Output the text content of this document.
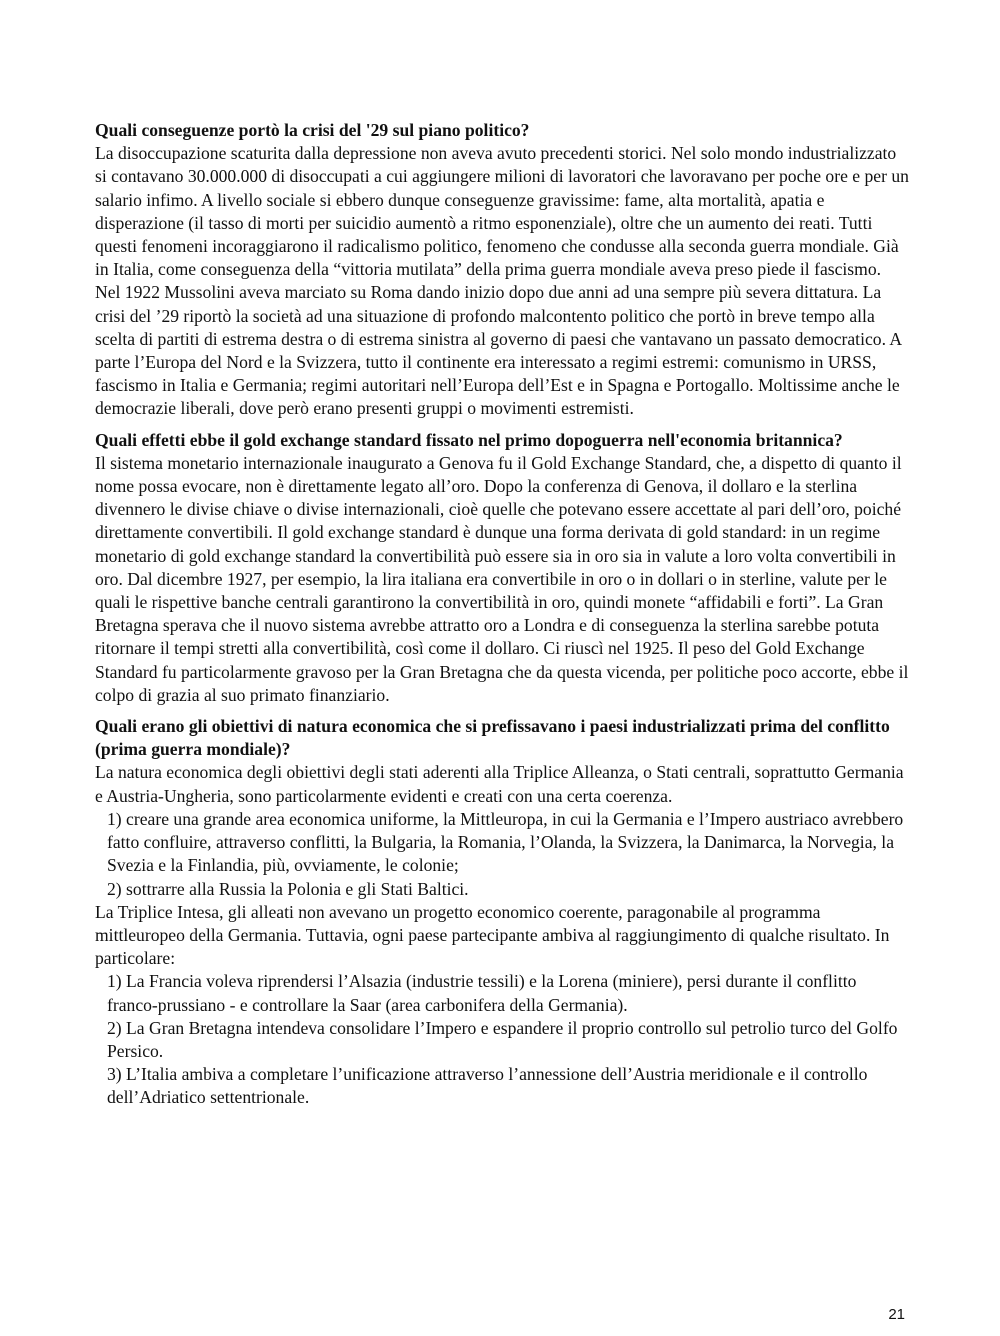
Quali conseguenze portò la crisi del '29 sul piano politico?

La disoccupazione scaturita dalla depressione non aveva avuto precedenti storici. Nel solo mondo industrializzato si contavano 30.000.000 di disoccupati a cui aggiungere milioni di lavoratori che lavoravano per poche ore e per un salario infimo. A livello sociale si ebbero dunque conseguenze gravissime: fame, alta mortalità, apatia e disperazione (il tasso di morti per suicidio aumentò a ritmo esponenziale), oltre che un aumento dei reati. Tutti questi fenomeni incoraggiarono il radicalismo politico, fenomeno che condusse alla seconda guerra mondiale. Già in Italia, come conseguenza della “vittoria mutilata” della prima guerra mondiale aveva preso piede il fascismo. Nel 1922 Mussolini aveva marciato su Roma dando inizio dopo due anni ad una sempre più severa dittatura. La crisi del ’29 riportò la società ad una situazione di profondo malcontento politico che portò in breve tempo alla scelta di partiti di estrema destra o di estrema sinistra al governo di paesi che vantavano un passato democratico. A parte l’Europa del Nord e la Svizzera, tutto il continente era interessato a regimi estremi: comunismo in URSS, fascismo in Italia e Germania; regimi autoritari nell’Europa dell’Est e in Spagna e Portogallo. Moltissime anche le democrazie liberali, dove però erano presenti gruppi o movimenti estremisti.

Quali effetti ebbe il gold exchange standard fissato nel primo dopoguerra nell'economia britannica?

Il sistema monetario internazionale inaugurato a Genova fu il Gold Exchange Standard, che, a dispetto di quanto il nome possa evocare, non è direttamente legato all’oro. Dopo la conferenza di Genova, il dollaro e la sterlina divennero le divise chiave o divise internazionali, cioè quelle che potevano essere accettate al pari dell’oro, poiché direttamente convertibili. Il gold exchange standard è dunque una forma derivata di gold standard: in un regime monetario di gold exchange standard la convertibilità può essere sia in oro sia in valute a loro volta convertibili in oro. Dal dicembre 1927, per esempio, la lira italiana era convertibile in oro o in dollari o in sterline, valute per le quali le rispettive banche centrali garantirono la convertibilità in oro, quindi monete “affidabili e forti”. La Gran Bretagna sperava che il nuovo sistema avrebbe attratto oro a Londra e di conseguenza la sterlina sarebbe potuta ritornare il tempi stretti alla convertibilità, così come il dollaro. Ci riuscì nel 1925. Il peso del Gold Exchange Standard fu particolarmente gravoso per la Gran Bretagna che da questa vicenda, per politiche poco accorte, ebbe il colpo di grazia al suo primato finanziario.

Quali erano gli obiettivi di natura economica che si prefissavano i paesi industrializzati prima del conflitto (prima guerra mondiale)?

La natura economica degli obiettivi degli stati aderenti alla Triplice Alleanza, o Stati centrali, soprattutto Germania e Austria-Ungheria, sono particolarmente evidenti e creati con una certa coerenza.

1) creare una grande area economica uniforme, la Mittleuropa, in cui la Germania e l’Impero austriaco avrebbero fatto confluire, attraverso conflitti, la Bulgaria, la Romania, l’Olanda, la Svizzera, la Danimarca, la Norvegia, la Svezia e la Finlandia, più, ovviamente, le colonie;
2) sottrarre alla Russia la Polonia e gli Stati Baltici.

La Triplice Intesa, gli alleati non avevano un progetto economico coerente, paragonabile al programma mittleuropeo della Germania. Tuttavia, ogni paese partecipante ambiva al raggiungimento di qualche risultato. In particolare:

1) La Francia voleva riprendersi l’Alsazia (industrie tessili) e la Lorena (miniere), persi durante il conflitto franco-prussiano - e controllare la Saar (area carbonifera della Germania).
2) La Gran Bretagna intendeva consolidare l’Impero e espandere il proprio controllo sul petrolio turco del Golfo Persico.
3) L’Italia ambiva a completare l’unificazione attraverso l’annessione dell’Austria meridionale e il controllo dell’Adriatico settentrionale.
21
